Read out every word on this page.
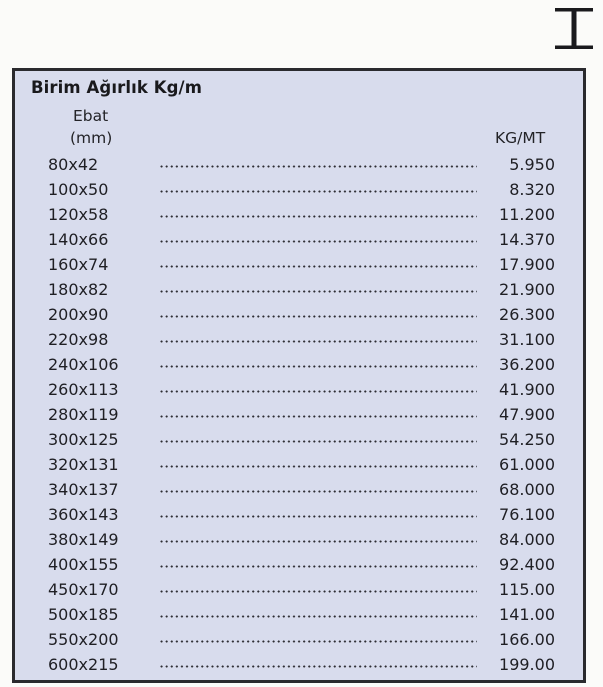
Birim Ağırlık Kg/m
Ebat
(mm)	KG/MT
80x42	5.950
100x50	8.320
120x58	11.200
140x66	14.370
160x74	17.900
180x82	21.900
200x90	26.300
220x98	31.100
240x106	36.200
260x113	41.900
280x119	47.900
300x125	54.250
320x131	61.000
340x137	68.000
360x143	76.100
380x149	84.000
400x155	92.400
450x170	115.00
500x185	141.00
550x200	166.00
600x215	199.00
